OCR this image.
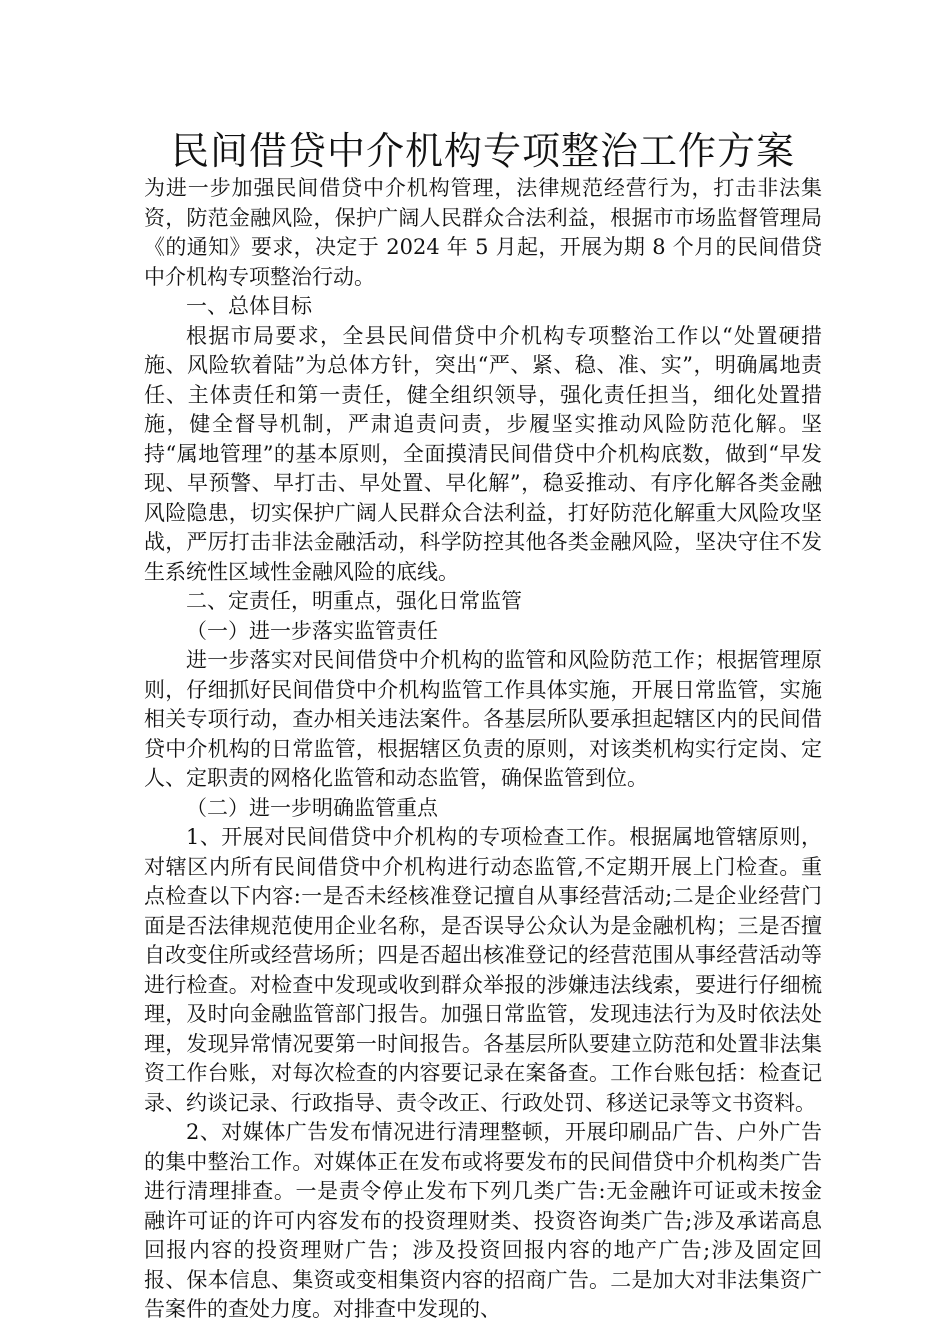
民间借贷中介机构专项整治工作方案

为进一步加强民间借贷中介机构管理，法律规范经营行为，打击非法集资，防范金融风险，保护广阔人民群众合法利益，根据市市场监督管理局《的通知》要求，决定于 2024 年 5 月起，开展为期 8 个月的民间借贷中介机构专项整治行动。

一、总体目标

根据市局要求，全县民间借贷中介机构专项整治工作以“处置硬措施、风险软着陆”为总体方针，突出“严、紧、稳、准、实”，明确属地责任、主体责任和第一责任，健全组织领导，强化责任担当，细化处置措施，健全督导机制，严肃追责问责，步履坚实推动风险防范化解。坚持“属地管理”的基本原则，全面摸清民间借贷中介机构底数，做到“早发现、早预警、早打击、早处置、早化解”，稳妥推动、有序化解各类金融风险隐患，切实保护广阔人民群众合法利益，打好防范化解重大风险攻坚战，严厉打击非法金融活动，科学防控其他各类金融风险，坚决守住不发生系统性区域性金融风险的底线。

二、定责任，明重点，强化日常监管

（一）进一步落实监管责任

进一步落实对民间借贷中介机构的监管和风险防范工作；根据管理原则，仔细抓好民间借贷中介机构监管工作具体实施，开展日常监管，实施相关专项行动，查办相关违法案件。各基层所队要承担起辖区内的民间借贷中介机构的日常监管，根据辖区负责的原则，对该类机构实行定岗、定人、定职责的网格化监管和动态监管，确保监管到位。

（二）进一步明确监管重点

1、开展对民间借贷中介机构的专项检查工作。根据属地管辖原则，对辖区内所有民间借贷中介机构进行动态监管,不定期开展上门检查。重点检查以下内容:一是否未经核准登记擅自从事经营活动;二是企业经营门面是否法律规范使用企业名称，是否误导公众认为是金融机构；三是否擅自改变住所或经营场所；四是否超出核准登记的经营范围从事经营活动等进行检查。对检查中发现或收到群众举报的涉嫌违法线索，要进行仔细梳理，及时向金融监管部门报告。加强日常监管，发现违法行为及时依法处理，发现异常情况要第一时间报告。各基层所队要建立防范和处置非法集资工作台账，对每次检查的内容要记录在案备查。工作台账包括：检查记录、约谈记录、行政指导、责令改正、行政处罚、移送记录等文书资料。

2、对媒体广告发布情况进行清理整顿，开展印刷品广告、户外广告的集中整治工作。对媒体正在发布或将要发布的民间借贷中介机构类广告进行清理排查。一是责令停止发布下列几类广告:无金融许可证或未按金融许可证的许可内容发布的投资理财类、投资咨询类广告;涉及承诺高息回报内容的投资理财广告；涉及投资回报内容的地产广告;涉及固定回报、保本信息、集资或变相集资内容的招商广告。二是加大对非法集资广告案件的查处力度。对排查中发现的、
